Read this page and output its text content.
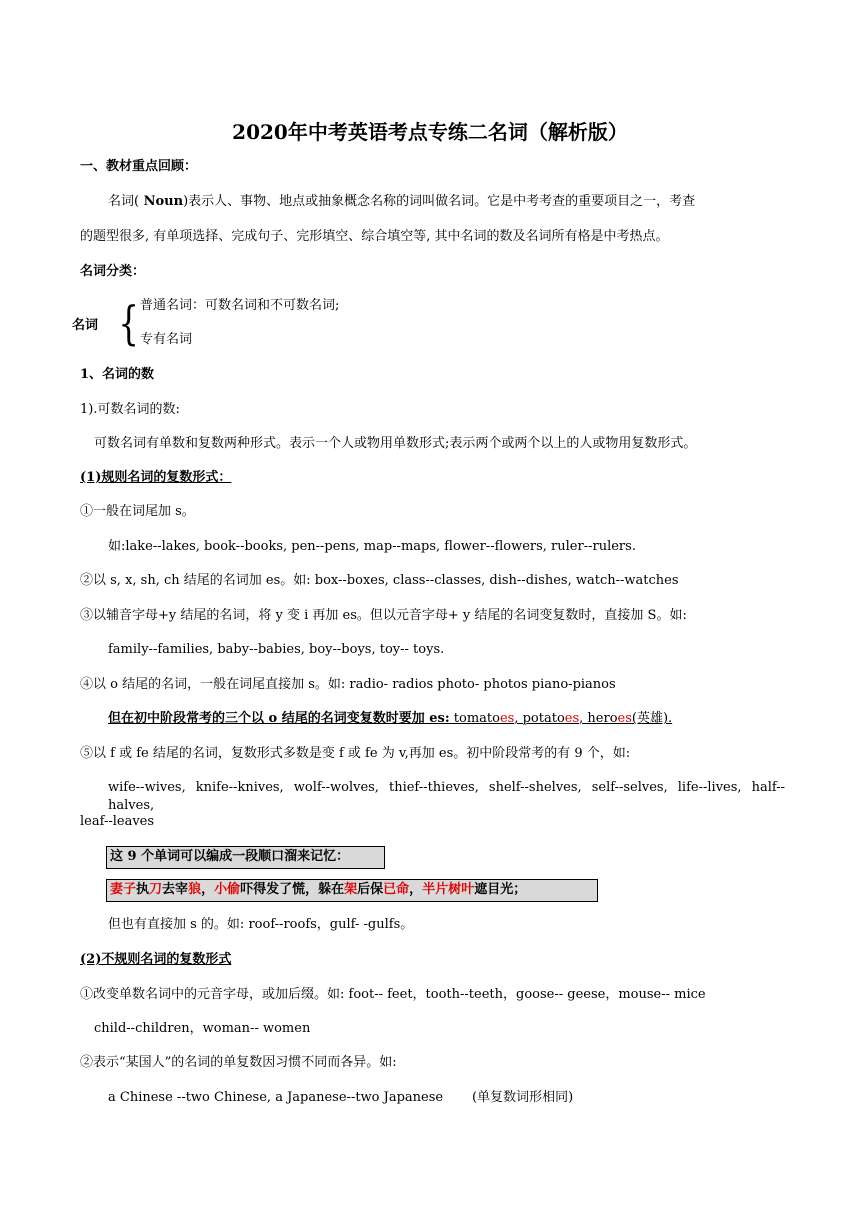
2020年中考英语考点专练二名词（解析版）
一、教材重点回顾：
名词( Noun)表示人、事物、地点或抽象概念名称的词叫做名词。它是中考考查的重要项目之一，考查
的题型很多, 有单项选择、完成句子、完形填空、综合填空等, 其中名词的数及名词所有格是中考热点。
名词分类：
名词 { 普通名词：可数名词和不可数名词;
专有名词
1、名词的数
1).可数名词的数:
可数名词有单数和复数两种形式。表示一个人或物用单数形式;表示两个或两个以上的人或物用复数形式。
(1)规则名词的复数形式：
①一般在词尾加 s。
如:lake--lakes, book--books, pen--pens, map--maps, flower--flowers, ruler--rulers.
②以 s, x, sh, ch 结尾的名词加 es。如: box--boxes, class--classes, dish--dishes, watch--watches
③以辅音字母+y 结尾的名词，将 y 变 i 再加 es。但以元音字母+ y 结尾的名词变复数时，直接加 S。如:
family--families, baby--babies, boy--boys, toy-- toys.
④以 o 结尾的名词，一般在词尾直接加 s。如: radio- radios photo- photos piano-pianos
但在初中阶段常考的三个以 o 结尾的名词变复数时要加 es: tomatoes, potatoes, heroes(英雄).
⑤以 f 或 fe 结尾的名词，复数形式多数是变 f 或 fe 为 v,再加 es。初中阶段常考的有 9 个，如:
wife--wives, knife--knives, wolf--wolves, thief--thieves, shelf--shelves, self--selves, life--lives, half--halves,
leaf--leaves
这 9 个单词可以编成一段顺口溜来记忆：
妻子执刀去宰狼，小偷吓得发了慌，躲在架后保已命，半片树叶遮目光；
但也有直接加 s 的。如: roof--roofs，gulf- -gulfs。
(2)不规则名词的复数形式
①改变单数名词中的元音字母，或加后缀。如: foot-- feet，tooth--teeth，goose-- geese，mouse-- mice
child--children，woman-- women
②表示“某国人”的名词的单复数因习惯不同而各异。如:
a Chinese --two Chinese, a Japanese--two Japanese (单复数词形相同)
